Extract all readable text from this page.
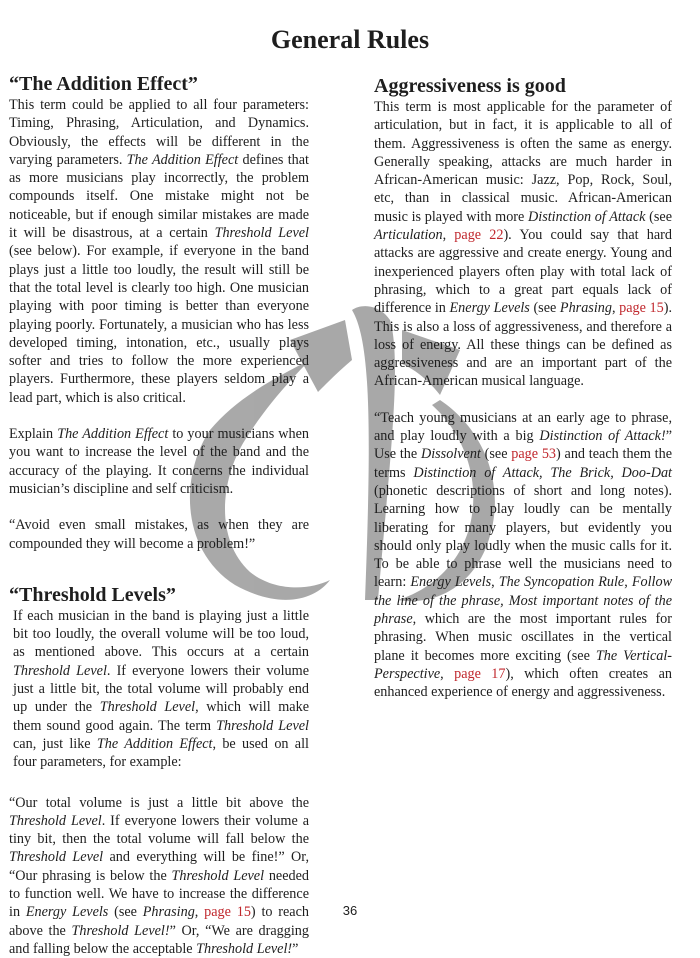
General Rules
“The Addition Effect”

This term could be applied to all four parameters: Timing, Phrasing, Articulation, and Dynamics. Obviously, the effects will be different in the varying parameters. The Addition Effect defines that as more musicians play incorrectly, the problem compounds itself. One mistake might not be noticeable, but if enough similar mistakes are made it will be disastrous, at a certain Threshold Level (see below). For example, if everyone in the band plays just a little too loudly, the result will still be that the total level is clearly too high. One musician playing with poor timing is better than everyone playing poorly. Fortunately, a musician who has less developed timing, intonation, etc., usually plays softer and tries to follow the more experienced players. Furthermore, these players seldom play a lead part, which is also critical.

Explain The Addition Effect to your musicians when you want to increase the level of the band and the accuracy of the playing. It concerns the individual musician’s discipline and self criticism.

“Avoid even small mistakes, as when they are compounded they will become a problem!”

“Threshold Levels”

If each musician in the band is playing just a little bit too loudly, the overall volume will be too loud, as mentioned above. This occurs at a certain Threshold Level. If everyone lowers their volume just a little bit, the total volume will probably end up under the Threshold Level, which will make them sound good again. The term Threshold Level can, just like The Addition Effect, be used on all four parameters, for example:

“Our total volume is just a little bit above the Threshold Level. If everyone lowers their volume a tiny bit, then the total volume will fall below the Threshold Level and everything will be fine!” Or, “Our phrasing is below the Threshold Level needed to function well. We have to increase the difference in Energy Levels (see Phrasing, page 15) to reach above the Threshold Level!” Or, “We are dragging and falling below the acceptable Threshold Level!”

Aggressiveness is good

This term is most applicable for the parameter of articulation, but in fact, it is applicable to all of them. Aggressiveness is often the same as energy. Generally speaking, attacks are much harder in African-American music: Jazz, Pop, Rock, Soul, etc, than in classical music. African-American music is played with more Distinction of Attack (see Articulation, page 22). You could say that hard attacks are aggressive and create energy. Young and inexperienced players often play with total lack of phrasing, which to a great part equals lack of difference in Energy Levels (see Phrasing, page 15). This is also a loss of aggressiveness, and therefore a loss of energy. All these things can be defined as aggressiveness and are an important part of the African-American musical language.

“Teach young musicians at an early age to phrase, and play loudly with a big Distinction of Attack!” Use the Dissolvent (see page 53) and teach them the terms Distinction of Attack, The Brick, Doo-Dat (phonetic descriptions of short and long notes). Learning how to play loudly can be mentally liberating for many players, but evidently you should only play loudly when the music calls for it. To be able to phrase well the musicians need to learn: Energy Levels, The Syncopation Rule, Follow the line of the phrase, Most important notes of the phrase, which are the most important rules for phrasing. When music oscillates in the vertical plane it becomes more exciting (see The Vertical-Perspective, page 17), which often creates an enhanced experience of energy and aggressiveness.

36
